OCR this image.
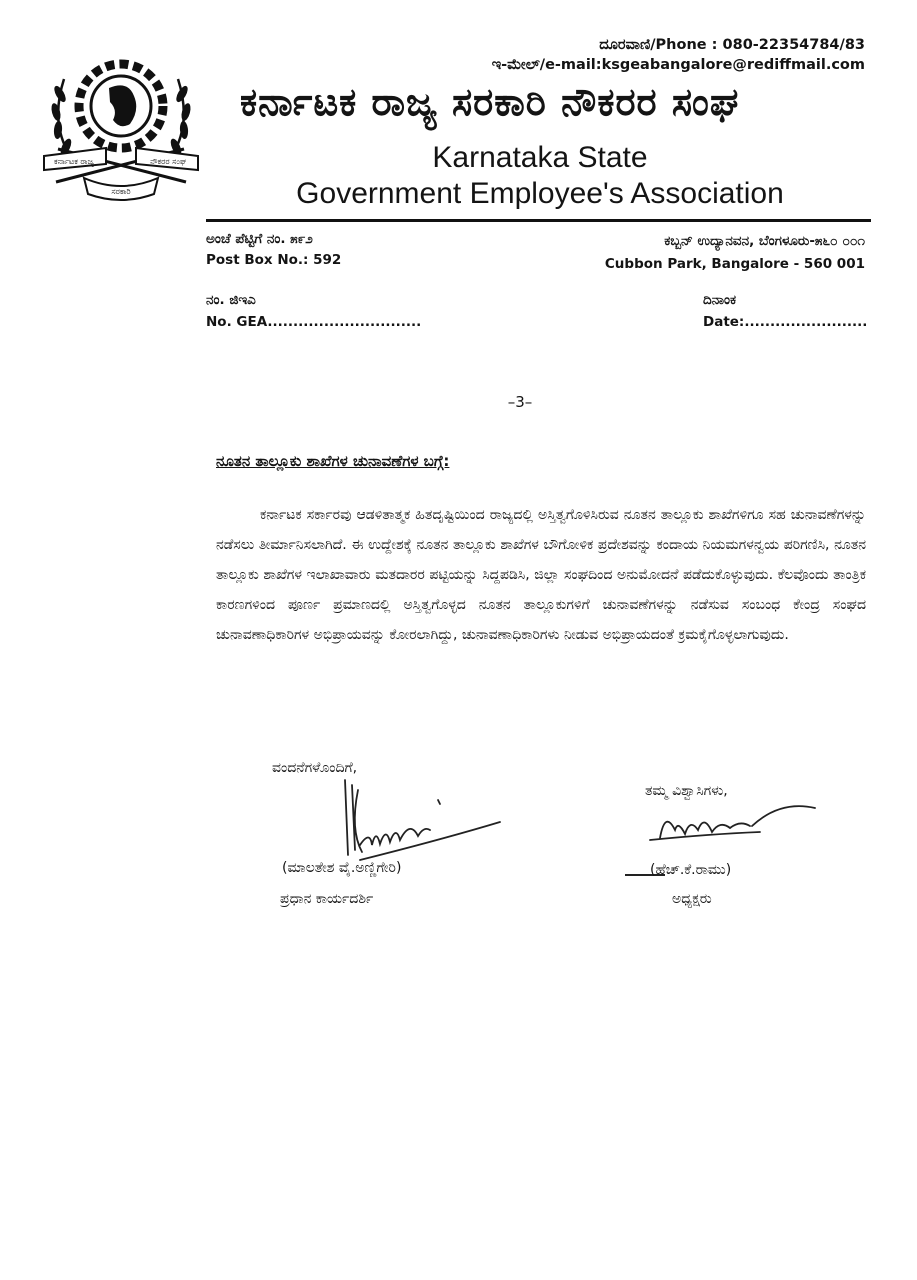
ಕರ್ನಾಟಕ ರಾಜ್ಯ	ನೌಕರರ ಸಂಘ
ಸರಕಾರಿ
ದೂರವಾಣಿ/Phone : 080-22354784/83
ಇ-ಮೇಲ್/e-mail:ksgeabangalore@rediffmail.com
ಕರ್ನಾಟಕ ರಾಜ್ಯ ಸರಕಾರಿ ನೌಕರರ ಸಂಘ
Karnataka State
Government Employee's Association
ಅಂಚೆ ಪೆಟ್ಟಿಗೆ ನಂ. ೫೯೨
Post Box No.: 592
ಕಬ್ಬನ್ ಉದ್ಯಾನವನ, ಬೆಂಗಳೂರು-೫೬೦ ೦೦೧
Cubbon Park, Bangalore - 560 001
ನಂ. ಜಿಇಎ
No. GEA..............................
ದಿನಾಂಕ
Date:........................
–3–
ನೂತನ ತಾಲ್ಲೂಕು ಶಾಖೆಗಳ ಚುನಾವಣೆಗಳ ಬಗ್ಗೆ:
ಕರ್ನಾಟಕ ಸರ್ಕಾರವು ಆಡಳಿತಾತ್ಮಕ ಹಿತದೃಷ್ಟಿಯಿಂದ ರಾಜ್ಯದಲ್ಲಿ ಅಸ್ತಿತ್ವಗೊಳಿಸಿರುವ ನೂತನ ತಾಲ್ಲೂಕು ಶಾಖೆಗಳಿಗೂ ಸಹ ಚುನಾವಣೆಗಳನ್ನು ನಡೆಸಲು ತೀರ್ಮಾನಿಸಲಾಗಿದೆ. ಈ ಉದ್ದೇಶಕ್ಕೆ ನೂತನ ತಾಲ್ಲೂಕು ಶಾಖೆಗಳ ಬೌಗೋಳಿಕ ಪ್ರದೇಶವನ್ನು ಕಂದಾಯ ನಿಯಮಗಳನ್ವಯ ಪರಿಗಣಿಸಿ, ನೂತನ ತಾಲ್ಲೂಕು ಶಾಖೆಗಳ ಇಲಾಖಾವಾರು ಮತದಾರರ ಪಟ್ಟಿಯನ್ನು ಸಿದ್ದಪಡಿಸಿ, ಜಿಲ್ಲಾ ಸಂಘದಿಂದ ಅನುಮೋದನೆ ಪಡೆದುಕೊಳ್ಳುವುದು. ಕೆಲವೊಂದು ತಾಂತ್ರಿಕ ಕಾರಣಗಳಿಂದ ಪೂರ್ಣ ಪ್ರಮಾಣದಲ್ಲಿ ಅಸ್ತಿತ್ವಗೊಳ್ಳದ ನೂತನ ತಾಲ್ಲೂಕುಗಳಿಗೆ ಚುನಾವಣೆಗಳನ್ನು ನಡೆಸುವ ಸಂಬಂಧ ಕೇಂದ್ರ ಸಂಘದ ಚುನಾವಣಾಧಿಕಾರಿಗಳ ಅಭಿಪ್ರಾಯವನ್ನು ಕೋರಲಾಗಿದ್ದು, ಚುನಾವಣಾಧಿಕಾರಿಗಳು ನೀಡುವ ಅಭಿಪ್ರಾಯದಂತೆ ಕ್ರಮಕೈಗೊಳ್ಳಲಾಗುವುದು.
ವಂದನೆಗಳೊಂದಿಗೆ,
ತಮ್ಮ ವಿಶ್ವಾಸಿಗಳು,
(ಮಾಲತೇಶ ವೈ.ಅಣ್ಣಿಗೇರಿ)
ಪ್ರಧಾನ ಕಾರ್ಯದರ್ಶಿ
(ಹೆಚ್.ಕೆ.ರಾಮು)
ಅಧ್ಯಕ್ಷರು
